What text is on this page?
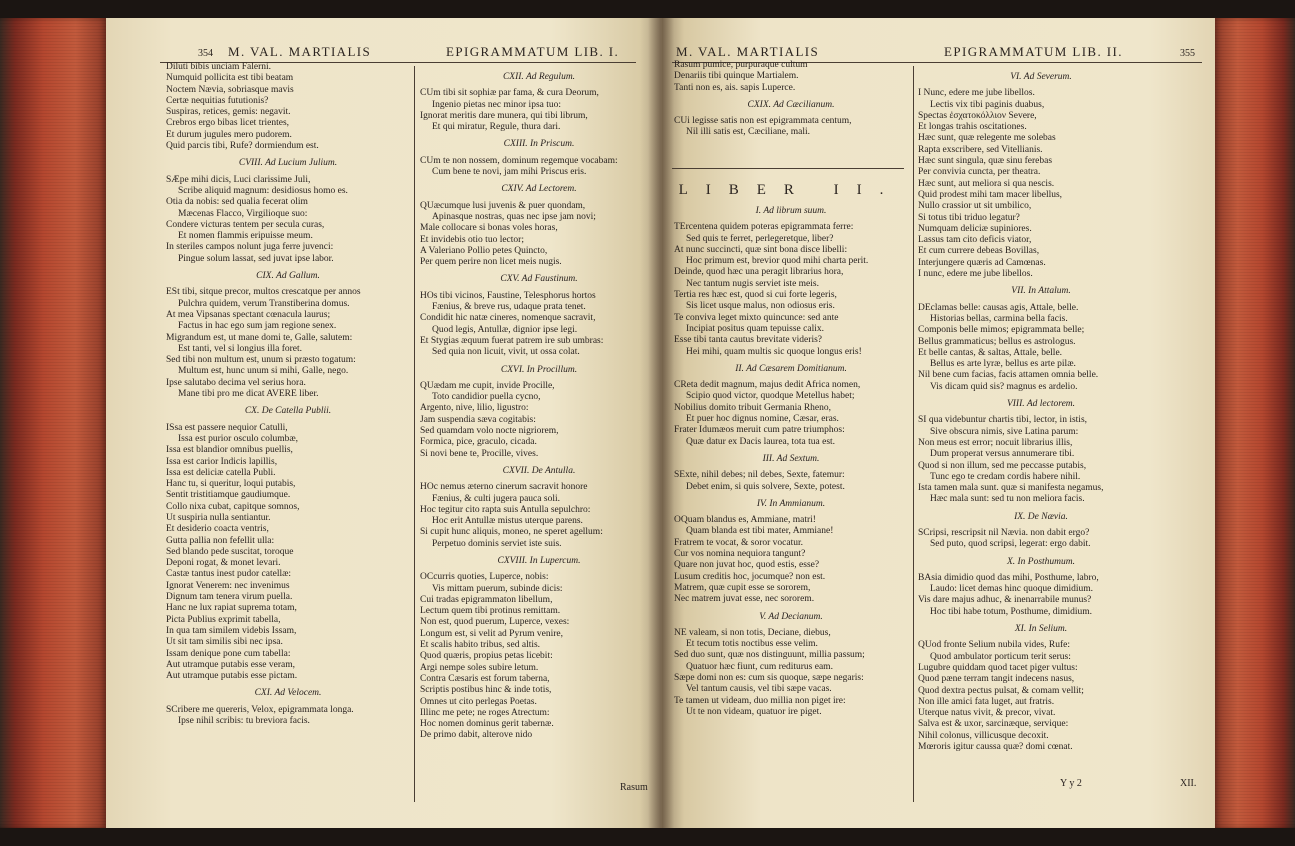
354 M. VAL. MARTIALIS	EPIGRAMMATUM LIB. I.	M. VAL. MARTIALIS	EPIGRAMMATUM LIB. II.	355

Diluti bibis unciam Falerni.

Numquid pollicita est tibi beatam

Noctem Nævia, sobriasque mavis

Certæ nequitias fututionis?

Suspiras, retices, gemis: negavit.

Crebros ergo bibas licet trientes,

Et durum jugules mero pudorem.

Quid parcis tibi, Rufe? dormiendum est.

CVIII. Ad Lucium Julium.

SÆpe mihi dicis, Luci clarissime Juli,

Scribe aliquid magnum: desidiosus homo es.

Otia da nobis: sed qualia fecerat olim

Mæcenas Flacco, Virgilioque suo:

Condere victuras tentem per secula curas,

Et nomen flammis eripuisse meum.

In steriles campos nolunt juga ferre juvenci:

Pingue solum lassat, sed juvat ipse labor.

CIX. Ad Gallum.

ESt tibi, sitque precor, multos crescatque per annos

Pulchra quidem, verum Transtiberina domus.

At mea Vipsanas spectant cœnacula laurus;

Factus in hac ego sum jam regione senex.

Migrandum est, ut mane domi te, Galle, salutem:

Est tanti, vel si longius illa foret.

Sed tibi non multum est, unum si præsto togatum:

Multum est, hunc unum si mihi, Galle, nego.

Ipse salutabo decima vel serius hora.

Mane tibi pro me dicat AVERE liber.

CX. De Catella Publii.

ISsa est passere nequior Catulli,

Issa est purior osculo columbæ,

Issa est blandior omnibus puellis,

Issa est carior Indicis lapillis,

Issa est deliciæ catella Publi.

Hanc tu, si queritur, loqui putabis,

Sentit tristitiamque gaudiumque.

Collo nixa cubat, capitque somnos,

Ut suspiria nulla sentiantur.

Et desiderio coacta ventris,

Gutta pallia non fefellit ulla:

Sed blando pede suscitat, toroque

Deponi rogat, & monet levari.

Castæ tantus inest pudor catellæ:

Ignorat Venerem: nec invenimus

Dignum tam tenera virum puella.

Hanc ne lux rapiat suprema totam,

Picta Publius exprimit tabella,

In qua tam similem videbis Issam,

Ut sit tam similis sibi nec ipsa.

Issam denique pone cum tabella:

Aut utramque putabis esse veram,

Aut utramque putabis esse pictam.

CXI. Ad Velocem.

SCribere me quereris, Velox, epigrammata longa.

Ipse nihil scribis: tu breviora facis.

CXII. Ad Regulum.

CUm tibi sit sophiæ par fama, & cura Deorum,

Ingenio pietas nec minor ipsa tuo:

Ignorat meritis dare munera, qui tibi librum,

Et qui miratur, Regule, thura dari.

CXIII. In Priscum.

CUm te non nossem, dominum regemque vocabam:

Cum bene te novi, jam mihi Priscus eris.

CXIV. Ad Lectorem.

QUæcumque lusi juvenis & puer quondam,

Apinasque nostras, quas nec ipse jam novi;

Male collocare si bonas voles horas,

Et invidebis otio tuo lector;

A Valeriano Pollio petes Quincto,

Per quem perire non licet meis nugis.

CXV. Ad Faustinum.

HOs tibi vicinos, Faustine, Telesphorus hortos

Fænius, & breve rus, udaque prata tenet.

Condidit hic natæ cineres, nomenque sacravit,

Quod legis, Antullæ, dignior ipse legi.

Et Stygias æquum fuerat patrem ire sub umbras:

Sed quia non licuit, vivit, ut ossa colat.

CXVI. In Procillum.

QUædam me cupit, invide Procille,

Toto candidior puella cycno,

Argento, nive, lilio, ligustro:

Jam suspendia sæva cogitabis:

Sed quamdam volo nocte nigriorem,

Formica, pice, graculo, cicada.

Si novi bene te, Procille, vives.

CXVII. De Antulla.

HOc nemus æterno cinerum sacravit honore

Fænius, & culti jugera pauca soli.

Hoc tegitur cito rapta suis Antulla sepulchro:

Hoc erit Antullæ mistus uterque parens.

Si cupit hunc aliquis, moneo, ne speret agellum:

Perpetuo dominis serviet iste suis.

CXVIII. In Lupercum.

OCcurris quoties, Luperce, nobis:

Vis mittam puerum, subinde dicis:

Cui tradas epigrammaton libellum,

Lectum quem tibi protinus remittam.

Non est, quod puerum, Luperce, vexes:

Longum est, si velit ad Pyrum venire,

Et scalis habito tribus, sed altis.

Quod quæris, propius petas licebit:

Argi nempe soles subire letum.

Contra Cæsaris est forum taberna,

Scriptis postibus hinc & inde totis,

Omnes ut cito perlegas Poetas.

Illinc me pete; ne roges Atrectum:

Hoc nomen dominus gerit tabernæ.

De primo dabit, alterove nido

Rasum

Rasum pumice, purpuraque cultum

Denariis tibi quinque Martialem.

Tanti non es, ais. sapis Luperce.

CXIX. Ad Cæcilianum.

CUi legisse satis non est epigrammata centum,

Nil illi satis est, Cæciliane, mali.

LIBER II.

I. Ad librum suum.

TErcentena quidem poteras epigrammata ferre:

Sed quis te ferret, perlegeretque, liber?

At nunc succincti, quæ sint bona disce libelli:

Hoc primum est, brevior quod mihi charta perit.

Deinde, quod hæc una peragit librarius hora,

Nec tantum nugis serviet iste meis.

Tertia res hæc est, quod si cui forte legeris,

Sis licet usque malus, non odiosus eris.

Te conviva leget mixto quincunce: sed ante

Incipiat positus quam tepuisse calix.

Esse tibi tanta cautus brevitate videris?

Hei mihi, quam multis sic quoque longus eris!

II. Ad Cæsarem Domitianum.

CReta dedit magnum, majus dedit Africa nomen,

Scipio quod victor, quodque Metellus habet;

Nobilius domito tribuit Germania Rheno,

Et puer hoc dignus nomine, Cæsar, eras.

Frater Idumæos meruit cum patre triumphos:

Quæ datur ex Dacis laurea, tota tua est.

III. Ad Sextum.

SExte, nihil debes; nil debes, Sexte, fatemur:

Debet enim, si quis solvere, Sexte, potest.

IV. In Ammianum.

OQuam blandus es, Ammiane, matri!

Quam blanda est tibi mater, Ammiane!

Fratrem te vocat, & soror vocatur.

Cur vos nomina nequiora tangunt?

Quare non juvat hoc, quod estis, esse?

Lusum creditis hoc, jocumque? non est.

Matrem, quæ cupit esse se sororem,

Nec matrem juvat esse, nec sororem.

V. Ad Decianum.

NE valeam, si non totis, Deciane, diebus,

Et tecum totis noctibus esse velim.

Sed duo sunt, quæ nos distinguunt, millia passum;

Quatuor hæc fiunt, cum rediturus eam.

Sæpe domi non es: cum sis quoque, sæpe negaris:

Vel tantum causis, vel tibi sæpe vacas.

Te tamen ut videam, duo millia non piget ire:

Ut te non videam, quatuor ire piget.

VI. Ad Severum.

I Nunc, edere me jube libellos.

Lectis vix tibi paginis duabus,

Spectas ἐσχατοκόλλιον Severe,

Et longas trahis oscitationes.

Hæc sunt, quæ relegente me solebas

Rapta exscribere, sed Vitellianis.

Hæc sunt singula, quæ sinu ferebas

Per convivia cuncta, per theatra.

Hæc sunt, aut meliora si qua nescis.

Quid prodest mihi tam macer libellus,

Nullo crassior ut sit umbilico,

Si totus tibi triduo legatur?

Numquam deliciæ supiniores.

Lassus tam cito deficis viator,

Et cum currere debeas Bovillas,

Interjungere quæris ad Camœnas.

I nunc, edere me jube libellos.

VII. In Attalum.

DEclamas belle: causas agis, Attale, belle.

Historias bellas, carmina bella facis.

Componis belle mimos; epigrammata belle;

Bellus grammaticus; bellus es astrologus.

Et belle cantas, & saltas, Attale, belle.

Bellus es arte lyræ, bellus es arte pilæ.

Nil bene cum facias, facis attamen omnia belle.

Vis dicam quid sis? magnus es ardelio.

VIII. Ad lectorem.

SI qua videbuntur chartis tibi, lector, in istis,

Sive obscura nimis, sive Latina parum:

Non meus est error; nocuit librarius illis,

Dum properat versus annumerare tibi.

Quod si non illum, sed me peccasse putabis,

Tunc ego te credam cordis habere nihil.

Ista tamen mala sunt. quæ si manifesta negamus,

Hæc mala sunt: sed tu non meliora facis.

IX. De Nævia.

SCripsi, rescripsit nil Nævia. non dabit ergo?

Sed puto, quod scripsi, legerat: ergo dabit.

X. In Posthumum.

BAsia dimidio quod das mihi, Posthume, labro,

Laudo: licet demas hinc quoque dimidium.

Vis dare majus adhuc, & inenarrabile munus?

Hoc tibi habe totum, Posthume, dimidium.

XI. In Selium.

QUod fronte Selium nubila vides, Rufe:

Quod ambulator porticum terit serus:

Lugubre quiddam quod tacet piger vultus:

Quod pæne terram tangit indecens nasus,

Quod dextra pectus pulsat, & comam vellit;

Non ille amici fata luget, aut fratris.

Uterque natus vivit, & precor, vivat.

Salva est & uxor, sarcinæque, servique:

Nihil colonus, villicusque decoxit.

Mœroris igitur caussa quæ? domi cœnat.

Y y 2	XII.
